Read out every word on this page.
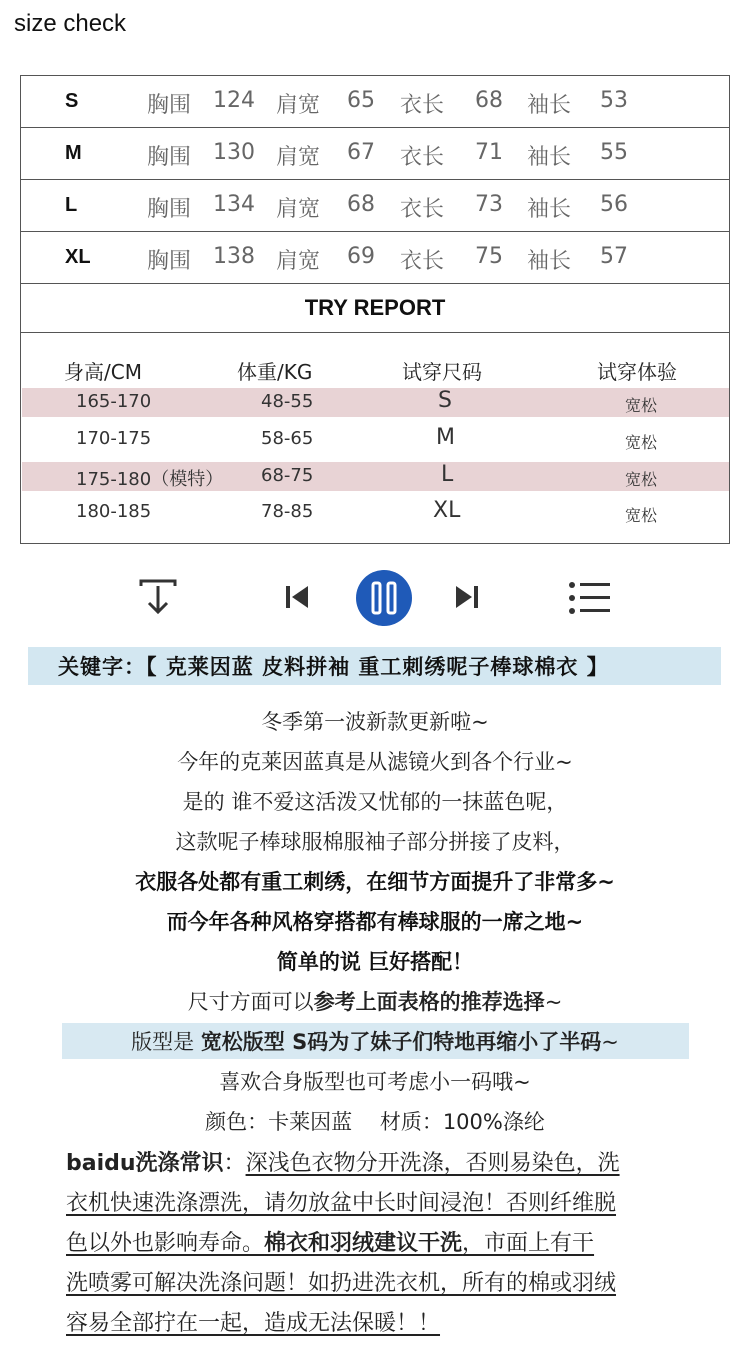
size check
S	胸围 124 肩宽 65 衣长 68 袖长 53
M	胸围 130 肩宽 67 衣长 71 袖长 55
L	胸围 134 肩宽 68 衣长 73 袖长 56
XL	胸围 138 肩宽 69 衣长 75 袖长 57
TRY REPORT
身高/CM	体重/KG	试穿尺码	试穿体验
165-170	48-55	S	宽松
170-175	58-65	M	宽松
175-180（模特） 68-75	L	宽松
180-185	78-85	XL	宽松
关键字：【 克莱因蓝 皮料拼袖 重工刺绣呢子棒球棉衣 】
冬季第一波新款更新啦~
今年的克莱因蓝真是从滤镜火到各个行业~
是的 谁不爱这活泼又忧郁的一抹蓝色呢，
这款呢子棒球服棉服袖子部分拼接了皮料，
衣服各处都有重工刺绣，在细节方面提升了非常多~
而今年各种风格穿搭都有棒球服的一席之地~
简单的说 巨好搭配！
尺寸方面可以参考上面表格的推荐选择~
版型是 宽松版型 S码为了妹子们特地再缩小了半码~
喜欢合身版型也可考虑小一码哦~
颜色：卡莱因蓝　 材质：100%涤纶
baidu洗涤常识：深浅色衣物分开洗涤，否则易染色，洗
衣机快速洗涤漂洗，请勿放盆中长时间浸泡！否则纤维脱
色以外也影响寿命。棉衣和羽绒建议干洗，市面上有干
洗喷雾可解决洗涤问题！如扔进洗衣机，所有的棉或羽绒
容易全部拧在一起，造成无法保暖！！
